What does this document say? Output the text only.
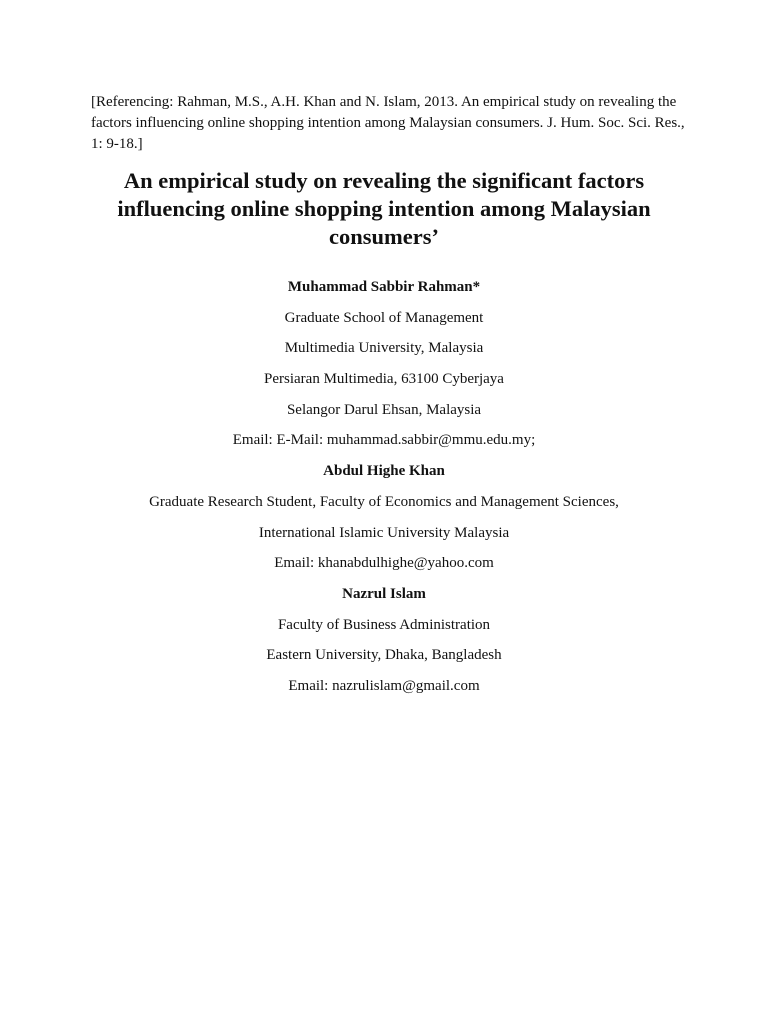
[Referencing: Rahman, M.S., A.H. Khan and N. Islam, 2013. An empirical study on revealing the factors influencing online shopping intention among Malaysian consumers. J. Hum. Soc. Sci. Res., 1: 9-18.]

An empirical study on revealing the significant factors
influencing online shopping intention among Malaysian
consumers’
Muhammad Sabbir Rahman*
Graduate School of Management
Multimedia University, Malaysia
Persiaran Multimedia, 63100 Cyberjaya
Selangor Darul Ehsan, Malaysia
Email: E-Mail: muhammad.sabbir@mmu.edu.my;
Abdul Highe Khan
Graduate Research Student, Faculty of Economics and Management Sciences,
International Islamic University Malaysia
Email: khanabdulhighe@yahoo.com
Nazrul Islam
Faculty of Business Administration
Eastern University, Dhaka, Bangladesh
Email: nazrulislam@gmail.com
